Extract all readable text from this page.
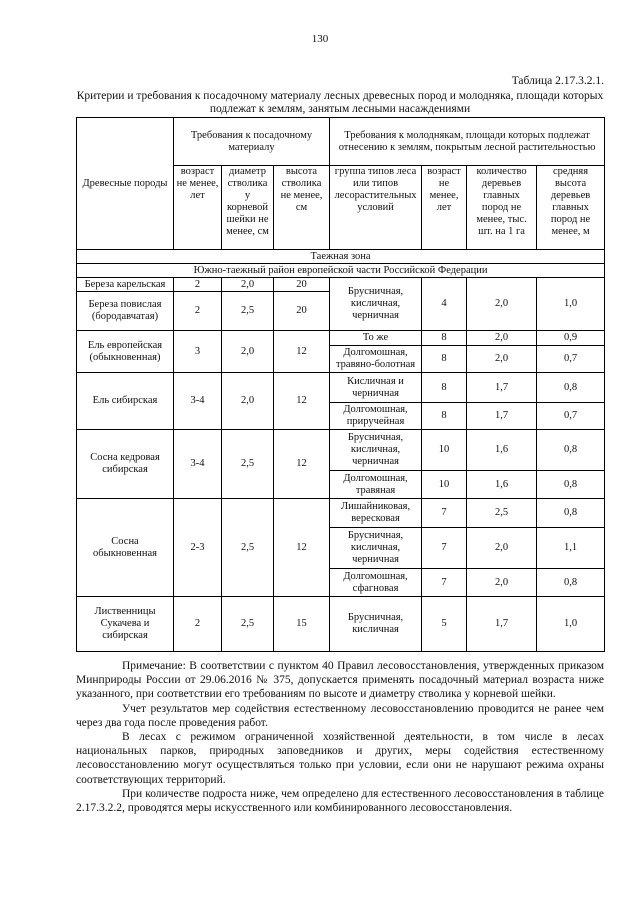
130
Таблица 2.17.3.2.1.
Критерии и требования к посадочному материалу лесных древесных пород и молодняка, площади которых подлежат к землям, занятым лесными насаждениями
Древесные породы	Требования к посадочному материалу			Требования к молоднякам, площади которых подлежат отнесению к землям, покрытым лесной растительностью			
	возраст не менее, лет	диаметр стволика у корневой шейки не менее, см	высота стволика не менее, см	группа типов леса или типов лесорастительных условий	возраст не менее, лет	количество деревьев главных пород не менее, тыс. шт. на 1 га	средняя высота деревьев главных пород не менее, м
Таежная зона							
Южно-таежный район европейской части Российской Федерации							
Береза карельская	2	2,0	20	Брусничная, кисличная, черничная	4	2,0	1,0
Береза повислая (бородавчатая)	2	2,5	20				
Ель европейская (обыкновенная)	3	2,0	12	То же	8	2,0	0,9
				Долгомошная, травяно-болотная	8	2,0	0,7
Ель сибирская	3-4	2,0	12	Кисличная и черничная	8	1,7	0,8
				Долгомошная, приручейная	8	1,7	0,7
Сосна кедровая сибирская	3-4	2,5	12	Брусничная, кисличная, черничная	10	1,6	0,8
				Долгомошная, травяная	10	1,6	0,8
Сосна обыкновенная	2-3	2,5	12	Лишайниковая, вересковая	7	2,5	0,8
				Брусничная, кисличная, черничная	7	2,0	1,1
				Долгомошная, сфагновая	7	2,0	0,8
Лиственницы Сукачева и сибирская	2	2,5	15	Брусничная, кисличная	5	1,7	1,0

Примечание: В соответствии с пунктом 40 Правил лесовосстановления, утвержденных приказом Минприроды России от 29.06.2016 № 375, допускается применять посадочный материал возраста ниже указанного, при соответствии его требованиям по высоте и диаметру стволика у корневой шейки.

Учет результатов мер содействия естественному лесовосстановлению проводится не ранее чем через два года после проведения работ.

В лесах с режимом ограниченной хозяйственной деятельности, в том числе в лесах национальных парков, природных заповедников и других, меры содействия естественному лесовосстановлению могут осуществляться только при условии, если они не нарушают режима охраны соответствующих территорий.

При количестве подроста ниже, чем определено для естественного лесовосстановления в таблице 2.17.3.2.2, проводятся меры искусственного или комбинированного лесовосстановления.
